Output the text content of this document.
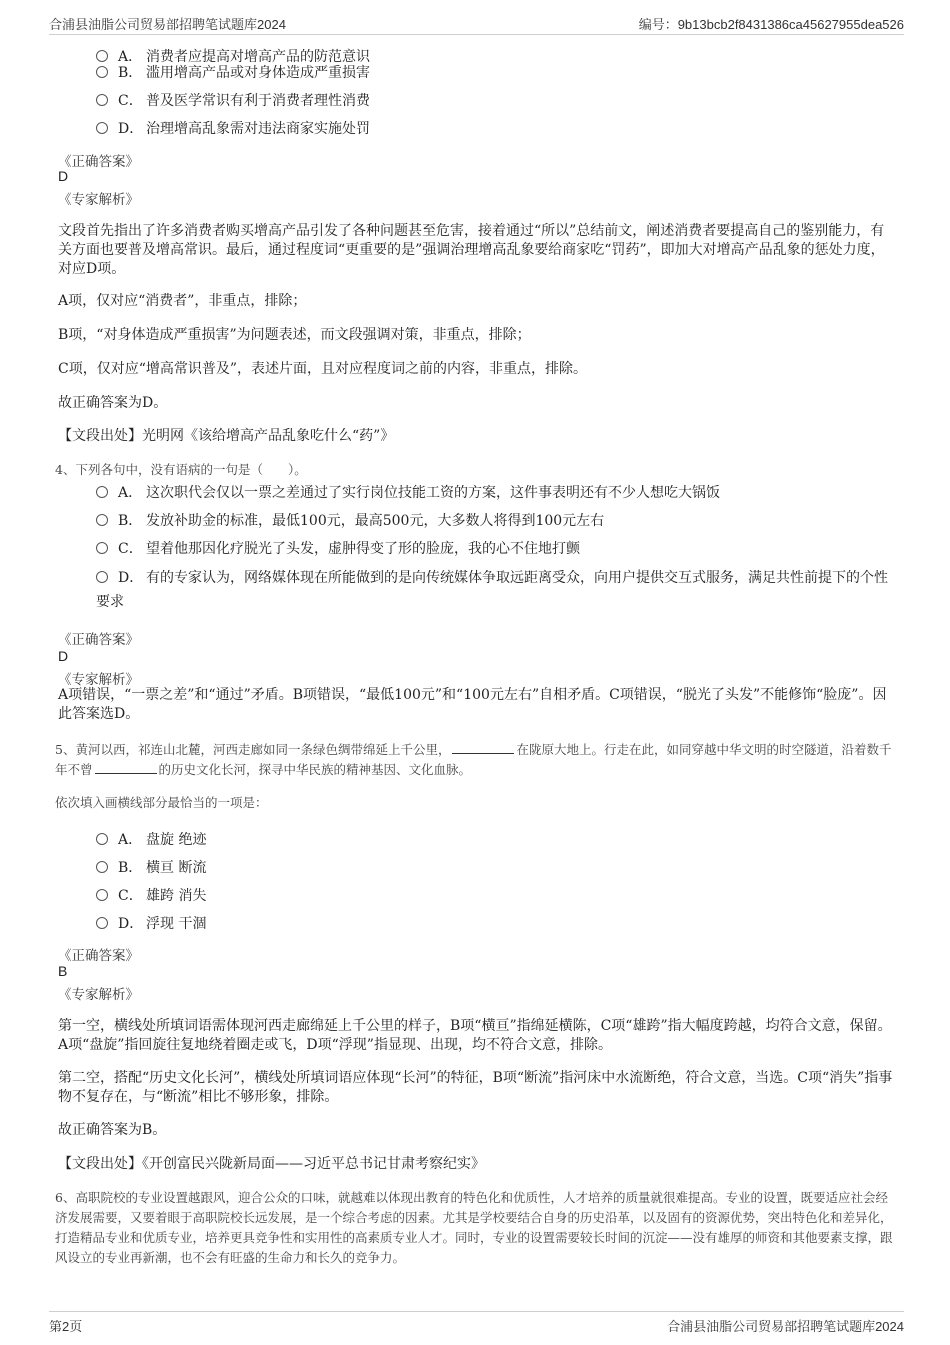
合浦县油脂公司贸易部招聘笔试题库2024	编号：9b13bcb2f8431386ca45627955dea526
A． 消费者应提高对增高产品的防范意识
B． 滥用增高产品或对身体造成严重损害
C． 普及医学常识有利于消费者理性消费
D． 治理增高乱象需对违法商家实施处罚
《正确答案》
D
《专家解析》
文段首先指出了许多消费者购买增高产品引发了各种问题甚至危害，接着通过“所以”总结前文，阐述消费者要提高自己的鉴别能力，有关方面也要普及增高常识。最后，通过程度词“更重要的是”强调治理增高乱象要给商家吃“罚药”，即加大对增高产品乱象的惩处力度，对应D项。
A项，仅对应“消费者”，非重点，排除；
B项，“对身体造成严重损害”为问题表述，而文段强调对策，非重点，排除；
C项，仅对应“增高常识普及”，表述片面，且对应程度词之前的内容，非重点，排除。
故正确答案为D。
【文段出处】光明网《该给增高产品乱象吃什么“药”》
4、下列各句中，没有语病的一句是（　　）。
A． 这次职代会仅以一票之差通过了实行岗位技能工资的方案，这件事表明还有不少人想吃大锅饭
B． 发放补助金的标准，最低100元，最高500元，大多数人将得到100元左右
C． 望着他那因化疗脱光了头发，虚肿得变了形的脸庞，我的心不住地打颤
D． 有的专家认为，网络媒体现在所能做到的是向传统媒体争取远距离受众，向用户提供交互式服务，满足共性前提下的个性要求
《正确答案》
D
《专家解析》
A项错误，“一票之差”和“通过”矛盾。B项错误，“最低100元”和“100元左右”自相矛盾。C项错误，“脱光了头发”不能修饰“脸庞”。因此答案选D。
5、黄河以西，祁连山北麓，河西走廊如同一条绿色绸带绵延上千公里，	在陇原大地上。行走在此，如同穿越中华文明的时空隧道，沿着数千年不曾	的历史文化长河，探寻中华民族的精神基因、文化血脉。
依次填入画横线部分最恰当的一项是：
A． 盘旋 绝迹
B． 横亘 断流
C． 雄跨 消失
D． 浮现 干涸
《正确答案》
B
《专家解析》
第一空，横线处所填词语需体现河西走廊绵延上千公里的样子，B项“横亘”指绵延横陈，C项“雄跨”指大幅度跨越，均符合文意，保留。A项“盘旋”指回旋往复地绕着圈走或飞，D项“浮现”指显现、出现，均不符合文意，排除。
第二空，搭配“历史文化长河”，横线处所填词语应体现“长河”的特征，B项“断流”指河床中水流断绝，符合文意，当选。C项“消失”指事物不复存在，与“断流”相比不够形象，排除。
故正确答案为B。
【文段出处】《开创富民兴陇新局面——习近平总书记甘肃考察纪实》
6、高职院校的专业设置越跟风，迎合公众的口味，就越难以体现出教育的特色化和优质性，人才培养的质量就很难提高。专业的设置，既要适应社会经济发展需要，又要着眼于高职院校长远发展，是一个综合考虑的因素。尤其是学校要结合自身的历史沿革，以及固有的资源优势，突出特色化和差异化，打造精品专业和优质专业，培养更具竞争性和实用性的高素质专业人才。同时，专业的设置需要较长时间的沉淀——没有雄厚的师资和其他要素支撑，跟风设立的专业再新潮，也不会有旺盛的生命力和长久的竞争力。
第2页	合浦县油脂公司贸易部招聘笔试题库2024
